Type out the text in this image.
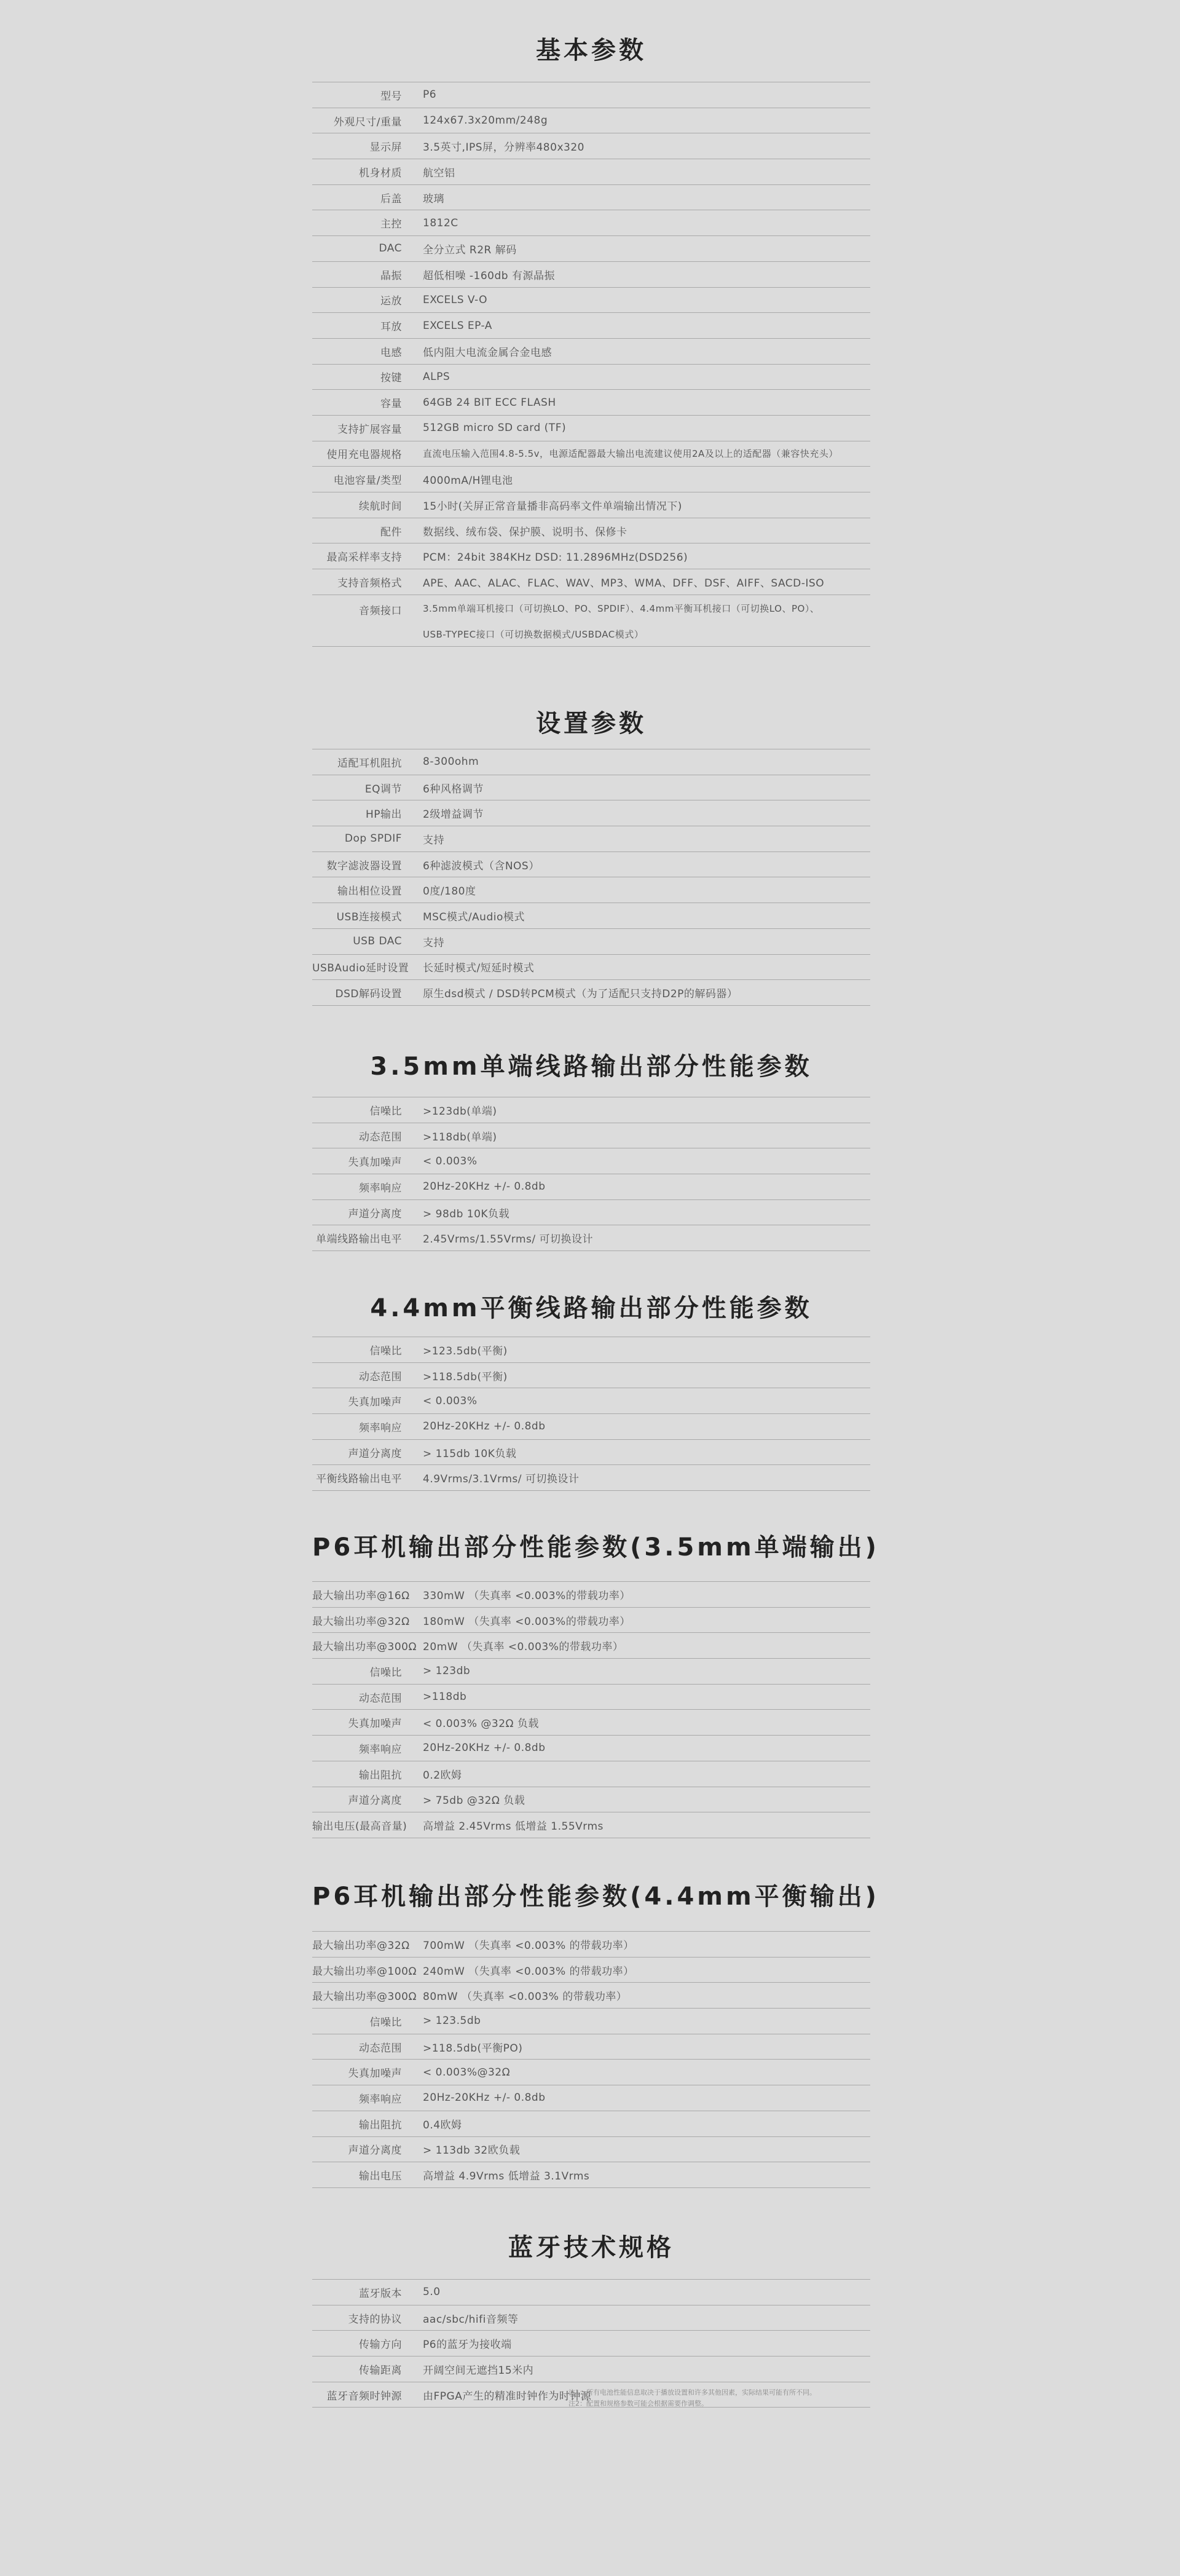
基本参数
型号	P6
外观尺寸/重量	124x67.3x20mm/248g
显示屏	3.5英寸,IPS屏，分辨率480x320
机身材质	航空铝
后盖	玻璃
主控	1812C
DAC	全分立式 R2R 解码
晶振	超低相噪 -160db 有源晶振
运放	EXCELS V-O
耳放	EXCELS EP-A
电感	低内阻大电流金属合金电感
按键	ALPS
容量	64GB 24 BIT ECC FLASH
支持扩展容量	512GB micro SD card (TF)
使用充电器规格	直流电压输入范围4.8-5.5v，电源适配器最大输出电流建议使用2A及以上的适配器（兼容快充头）
电池容量/类型	4000mA/H锂电池
续航时间	15小时(关屏正常音量播非高码率文件单端输出情况下)
配件	数据线、绒布袋、保护膜、说明书、保修卡
最高采样率支持	PCM：24bit 384KHz DSD: 11.2896MHz(DSD256)
支持音频格式	APE、AAC、ALAC、FLAC、WAV、MP3、WMA、DFF、DSF、AIFF、SACD-ISO
音频接口	3.5mm单端耳机接口（可切换LO、PO、SPDIF）、4.4mm平衡耳机接口（可切换LO、PO）、
USB-TYPEC接口（可切换数据模式/USBDAC模式）
设置参数
适配耳机阻抗	8-300ohm
EQ调节	6种风格调节
HP输出	2级增益调节
Dop SPDIF	支持
数字滤波器设置	6种滤波模式（含NOS）
输出相位设置	0度/180度
USB连接模式	MSC模式/Audio模式
USB DAC	支持
USBAudio延时设置	长延时模式/短延时模式
DSD解码设置	原生dsd模式 / DSD转PCM模式（为了适配只支持D2P的解码器）
3.5mm单端线路输出部分性能参数
信噪比	>123db(单端)
动态范围	>118db(单端)
失真加噪声	< 0.003%
频率响应	20Hz-20KHz +/- 0.8db
声道分离度	> 98db 10K负载
单端线路输出电平	2.45Vrms/1.55Vrms/ 可切换设计
4.4mm平衡线路输出部分性能参数
信噪比	>123.5db(平衡)
动态范围	>118.5db(平衡)
失真加噪声	< 0.003%
频率响应	20Hz-20KHz +/- 0.8db
声道分离度	> 115db 10K负载
平衡线路输出电平	4.9Vrms/3.1Vrms/ 可切换设计
P6耳机输出部分性能参数(3.5mm单端输出)
最大输出功率@16Ω	330mW （失真率 <0.003%的带载功率）
最大输出功率@32Ω	180mW （失真率 <0.003%的带载功率）
最大输出功率@300Ω 20mW （失真率 <0.003%的带载功率）
信噪比	> 123db
动态范围	>118db
失真加噪声	< 0.003% @32Ω 负载
频率响应	20Hz-20KHz +/- 0.8db
输出阻抗	0.2欧姆
声道分离度	> 75db @32Ω 负载
输出电压(最高音量)	高增益 2.45Vrms 低增益 1.55Vrms
P6耳机输出部分性能参数(4.4mm平衡输出)
最大输出功率@32Ω	700mW （失真率 <0.003% 的带载功率）
最大输出功率@100Ω 240mW （失真率 <0.003% 的带载功率）
最大输出功率@300Ω 80mW （失真率 <0.003% 的带载功率）
信噪比	> 123.5db
动态范围	>118.5db(平衡PO)
失真加噪声	< 0.003%@32Ω
频率响应	20Hz-20KHz +/- 0.8db
输出阻抗	0.4欧姆
声道分离度	> 113db 32欧负载
输出电压	高增益 4.9Vrms 低增益 3.1Vrms
蓝牙技术规格
蓝牙版本	5.0
支持的协议	aac/sbc/hifi音频等
传输方向	P6的蓝牙为接收端
传输距离	开阔空间无遮挡15米内
蓝牙音频时钟源	由FPGA产生的精准时钟作为时钟源
注1：所有电池性能信息取决于播放设置和许多其他因素，实际结果可能有所不同。
注2：配置和规格参数可能会根据需要作调整。
